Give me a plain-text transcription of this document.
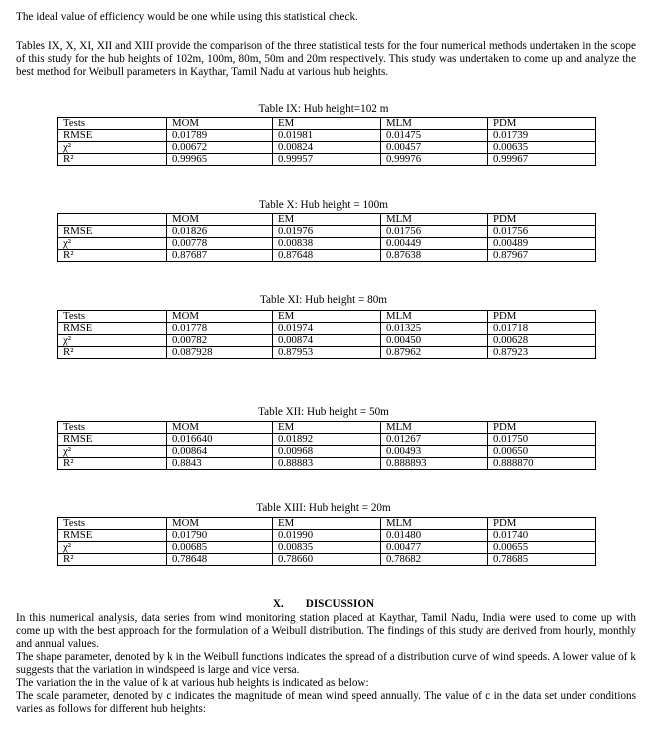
The ideal value of efficiency would be one while using this statistical check.

Tables IX, X, XI, XII and XIII provide the comparison of the three statistical tests for the four numerical methods undertaken in the scope of this study for the hub heights of 102m, 100m, 80m, 50m and 20m respectively. This study was undertaken to come up and analyze the best method for Weibull parameters in Kaythar, Tamil Nadu at various hub heights.

Table IX: Hub height=102 m

Tests	MOM	EM	MLM	PDM
RMSE	0.01789	0.01981	0.01475	0.01739
χ²	0.00672	0.00824	0.00457	0.00635
R²	0.99965	0.99957	0.99976	0.99967

Table X: Hub height = 100m

	MOM	EM	MLM	PDM
RMSE	0.01826	0.01976	0.01756	0.01756
χ²	0.00778	0.00838	0.00449	0.00489
R²	0.87687	0.87648	0.87638	0.87967

Table XI: Hub height = 80m

Tests	MOM	EM	MLM	PDM
RMSE	0.01778	0.01974	0.01325	0.01718
χ²	0.00782	0.00874	0.00450	0.00628
R²	0.087928	0.87953	0.87962	0.87923

Table XII: Hub height = 50m

Tests	MOM	EM	MLM	PDM
RMSE	0.016640	0.01892	0.01267	0.01750
χ²	0.00864	0.00968	0.00493	0.00650
R²	0.8843	0.88883	0.888893	0.888870

Table XIII: Hub height = 20m

Tests	MOM	EM	MLM	PDM
RMSE	0.01790	0.01990	0.01480	0.01740
χ²	0.00685	0.00835	0.00477	0.00655
R²	0.78648	0.78660	0.78682	0.78685

X. DISCUSSION

In this numerical analysis, data series from wind monitoring station placed at Kaythar, Tamil Nadu, India were used to come up with come up with the best approach for the formulation of a Weibull distribution. The findings of this study are derived from hourly, monthly and annual values.

The shape parameter, denoted by k in the Weibull functions indicates the spread of a distribution curve of wind speeds. A lower value of k suggests that the variation in windspeed is large and vice versa.

The variation the in the value of k at various hub heights is indicated as below:

The scale parameter, denoted by c indicates the magnitude of mean wind speed annually. The value of c in the data set under conditions varies as follows for different hub heights:
